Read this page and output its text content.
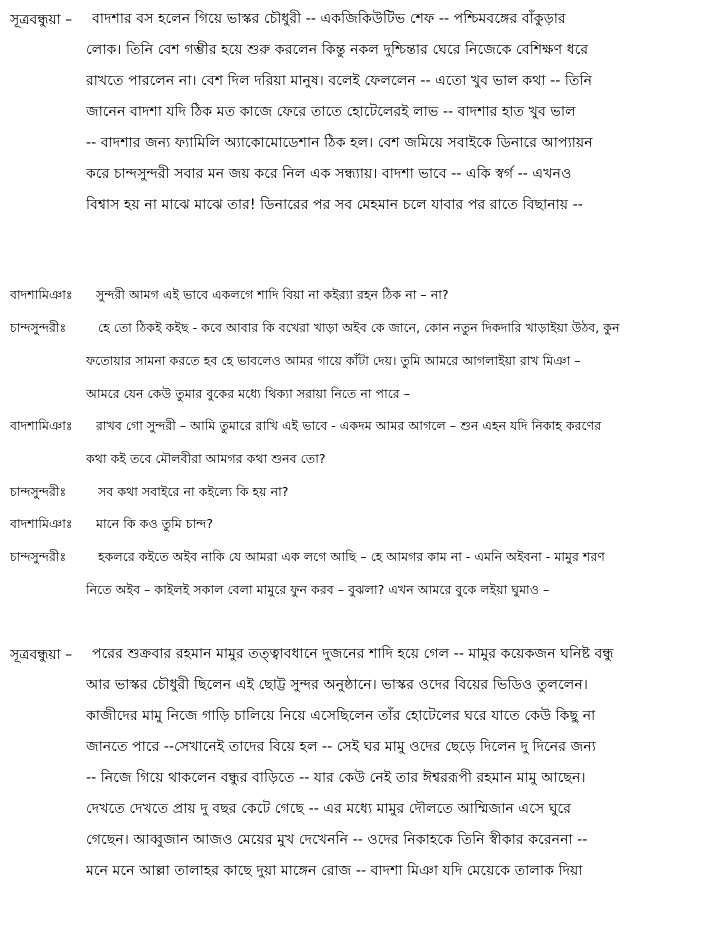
সূত্রবন্ধুয়া – বাদশার বস হলেন গিয়ে ভাস্কর চৌধুরী -- একজিকিউটিভ শেফ -- পশ্চিমবঙ্গের বাঁকুড়ার
লোক। তিনি বেশ গম্ভীর হয়ে শুরু করলেন কিন্তু নকল দুশ্চিন্তার ঘেরে নিজেকে বেশিক্ষণ ধরে
রাখতে পারলেন না। বেশ দিল দরিয়া মানুষ। বলেই ফেললেন -- এতো খুব ভাল কথা -- তিনি
জানেন বাদশা যদি ঠিক মত কাজে ফেরে তাতে হোটেলেরই লাভ -- বাদশার হাত খুব ভাল
-- বাদশার জন্য ফ্যামিলি অ্যাকোমোডেশান ঠিক হল। বেশ জমিয়ে সবাইকে ডিনারে আপ্যায়ন
করে চান্দসুন্দরী সবার মন জয় করে নিল এক সন্ধ্যায়। বাদশা ভাবে -- একি স্বর্গ -- এখনও
বিশ্বাস হয় না মাঝে মাঝে তার! ডিনারের পর সব মেহমান চলে যাবার পর রাতে বিছানায় --
বাদশামিঞাঃ সুন্দরী আমগ এই ভাবে একলগে শাদি বিয়া না কইর‍্যা রহন ঠিক না – না?
চান্দসুন্দরীঃ	হে তো ঠিকই কইছ - কবে আবার কি বখেরা খাড়া অইব কে জানে, কোন নতুন দিকদারি খাড়াইয়া উঠব, কুন
ফতোয়ার সামনা করতে হব হে ভাবলেও আমর গায়ে কাঁটা দেয়। তুমি আমরে আগলাইয়া রাখ মিঞা –
আমরে যেন কেউ তুমার বুকের মধ্যে থিক্যা সরায়া নিতে না পারে –
বাদশামিঞাঃ রাখব গো সুন্দরী – আমি তুমারে রাখি এই ভাবে - একদম আমর আগলে – শুন এহন যদি নিকাহ করণের
কথা কই তবে মৌলবীরা আমগর কথা শুনব তো?
চান্দসুন্দরীঃ	সব কথা সবাইরে না কইল্যে কি হয় না?
বাদশামিঞাঃ মানে কি কও তুমি চান্দ?
চান্দসুন্দরীঃ	হকলরে কইতে অইব নাকি যে আমরা এক লগে আছি – হে আমগর কাম না - এমনি অইবনা - মামুর শরণ
নিতে অইব – কাইলই সকাল বেলা মামুরে ফুন করব – বুঝলা? এখন আমরে বুকে লইয়া ঘুমাও –
সূত্রবন্ধুয়া – পরের শুক্রবার রহমান মামুর তত্ত্বাবধানে দুজনের শাদি হয়ে গেল -- মামুর কয়েকজন ঘনিষ্ট বন্ধু
আর ভাস্কর চৌধুরী ছিলেন এই ছোট্ট সুন্দর অনুষ্ঠানে। ভাস্কর ওদের বিয়ের ভিডিও তুললেন।
কাজীদের মামু নিজে গাড়ি চালিয়ে নিয়ে এসেছিলেন তাঁর হোটেলের ঘরে যাতে কেউ কিছু না
জানতে পারে --সেখানেই তাদের বিয়ে হল -- সেই ঘর মামু ওদের ছেড়ে দিলেন দু দিনের জন্য
-- নিজে গিয়ে থাকলেন বন্ধুর বাড়িতে -- যার কেউ নেই তার ঈশ্বররূপী রহমান মামু আছেন।
দেখতে দেখতে প্রায় দু বছর কেটে গেছে -- এর মধ্যে মামুর দৌলতে আম্মিজান এসে ঘুরে
গেছেন। আব্বুজান আজও মেয়ের মুখ দেখেননি -- ওদের নিকাহকে তিনি স্বীকার করেননা --
মনে মনে আল্লা তালাহর কাছে দুয়া মাঙ্গেন রোজ -- বাদশা মিঞা যদি মেয়েকে তালাক দিয়া
